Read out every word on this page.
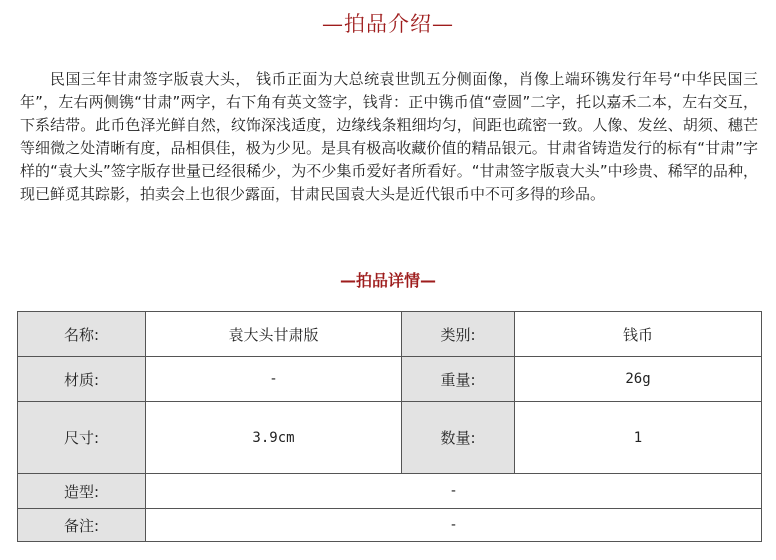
—拍品介绍—

民国三年甘肃签字版袁大头， 钱币正面为大总统袁世凯五分侧面像，肖像上端环镌发行年号“中华民国三年”，左右两侧镌“甘肃”两字，右下角有英文签字，钱背：正中镌币值“壹圆”二字，托以嘉禾二本，左右交互，下系结带。此币色泽光鲜自然，纹饰深浅适度，边缘线条粗细均匀，间距也疏密一致。人像、发丝、胡须、穗芒等细微之处清晰有度，品相俱佳，极为少见。是具有极高收藏价值的精品银元。甘肃省铸造发行的标有“甘肃”字样的“袁大头”签字版存世量已经很稀少，为不少集币爱好者所看好。“甘肃签字版袁大头”中珍贵、稀罕的品种，现已鲜觅其踪影，拍卖会上也很少露面，甘肃民国袁大头是近代银币中不可多得的珍品。

—拍品详情—
名称:	袁大头甘肃版	类别:	钱币
材质:	-	重量:	26g
尺寸:	3.9cm	数量:	1
造型:	-		
备注:	-		
